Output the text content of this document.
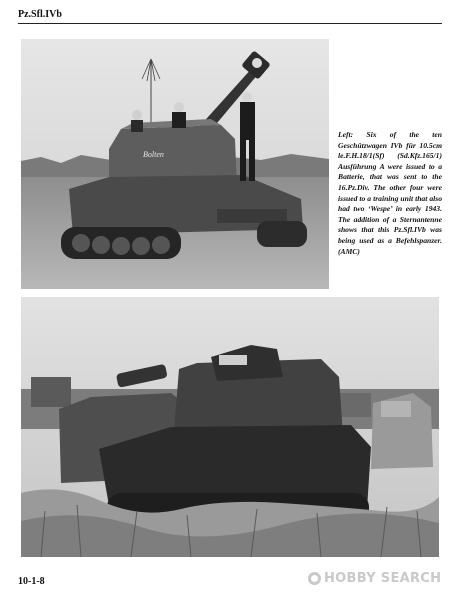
Pz.Sfl.IVb
Bolten
Left: Six of the ten Geschützwagen IVb für 10.5cm le.F.H.18/1(Sf) (Sd.Kfz.165/1) Ausführung A were issued to a Batterie, that was sent to the 16.Pz.Div. The other four were issued to a training unit that also had two ‘Wespe’ in early 1943. The addition of a Sternantenne shows that this Pz.Sfl.IVb was being used as a Befehlspanzer. (AMC)
10-1-8	HOBBY SEARCH
